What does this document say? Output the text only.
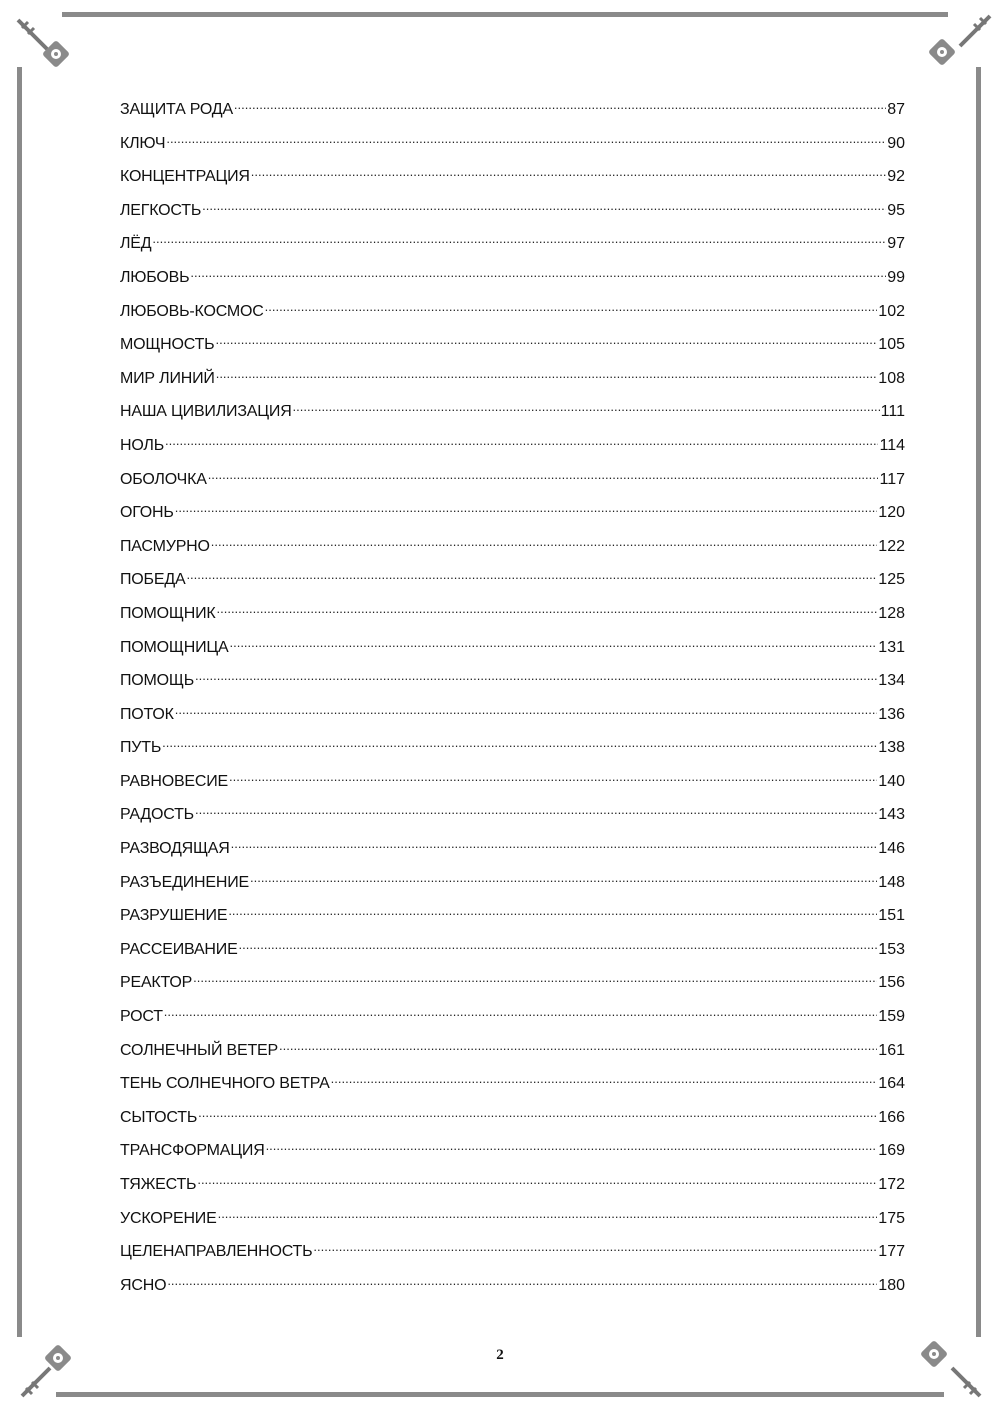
ЗАЩИТА РОДА .....	87
КЛЮЧ .....	90
КОНЦЕНТРАЦИЯ .....	92
ЛЕГКОСТЬ .....	95
ЛЁД .....	97
ЛЮБОВЬ .....	99
ЛЮБОВЬ-КОСМОС .....	102
МОЩНОСТЬ .....	105
МИР ЛИНИЙ .....	108
НАША ЦИВИЛИЗАЦИЯ .....	111
НОЛЬ .....	114
ОБОЛОЧКА .....	117
ОГОНЬ .....	120
ПАСМУРНО .....	122
ПОБЕДА .....	125
ПОМОЩНИК .....	128
ПОМОЩНИЦА .....	131
ПОМОЩЬ .....	134
ПОТОК .....	136
ПУТЬ .....	138
РАВНОВЕСИЕ .....	140
РАДОСТЬ .....	143
РАЗВОДЯЩАЯ .....	146
РАЗЪЕДИНЕНИЕ .....	148
РАЗРУШЕНИЕ .....	151
РАССЕИВАНИЕ .....	153
РЕАКТОР .....	156
РОСТ .....	159
СОЛНЕЧНЫЙ ВЕТЕР .....	161
ТЕНЬ СОЛНЕЧНОГО ВЕТРА .....	164
СЫТОСТЬ .....	166
ТРАНСФОРМАЦИЯ .....	169
ТЯЖЕСТЬ .....	172
УСКОРЕНИЕ .....	175
ЦЕЛЕНАПРАВЛЕННОСТЬ .....	177
ЯСНО .....	180
2
